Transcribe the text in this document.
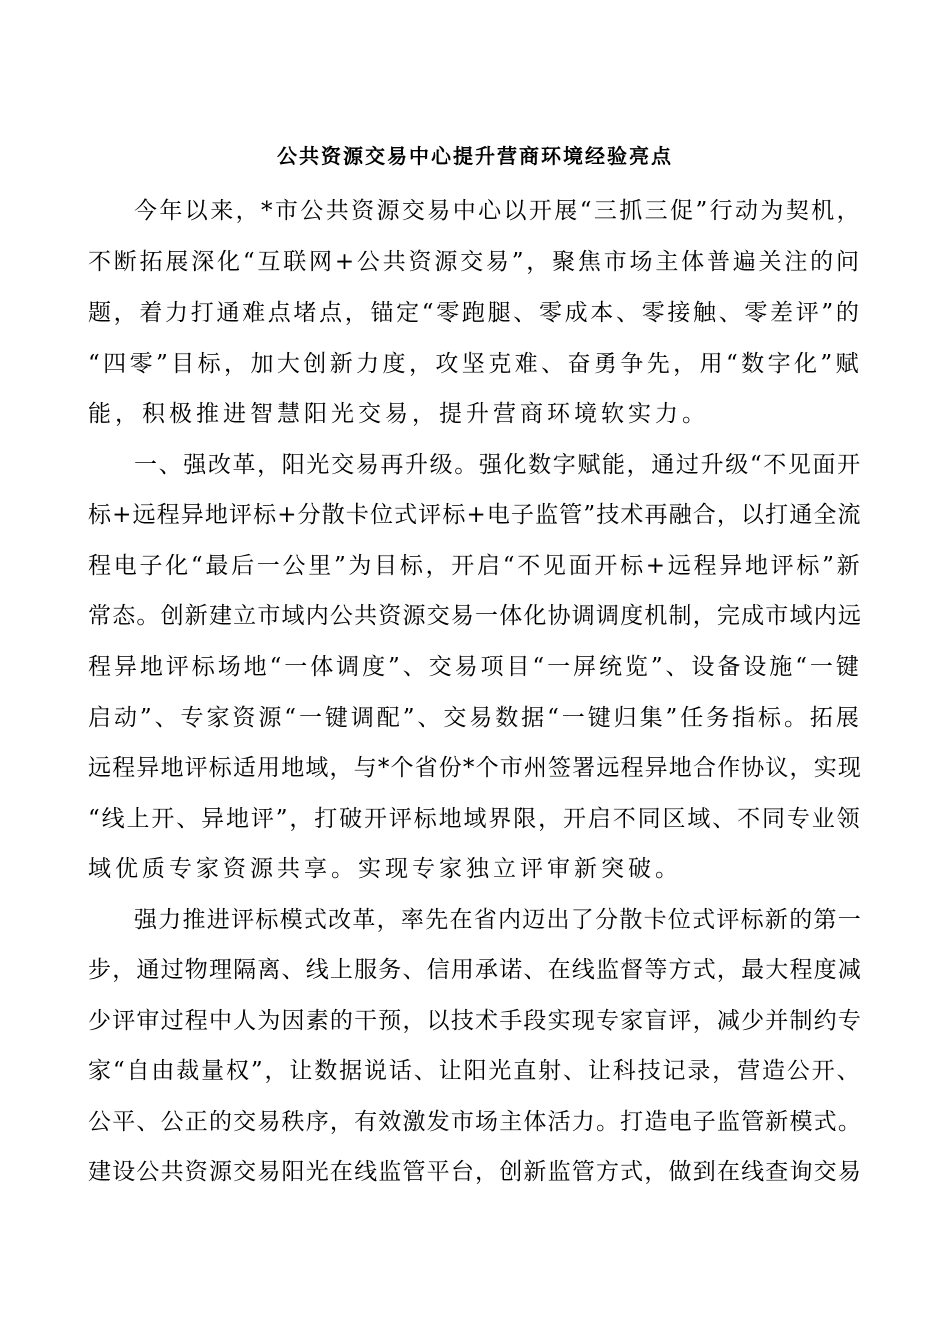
公共资源交易中心提升营商环境经验亮点
今年以来，*市公共资源交易中心以开展“三抓三促”行动为契机，
不断拓展深化“互联网+公共资源交易”，聚焦市场主体普遍关注的问
题，着力打通难点堵点，锚定“零跑腿、零成本、零接触、零差评”的
“四零”目标，加大创新力度，攻坚克难、奋勇争先，用“数字化”赋
能，积极推进智慧阳光交易，提升营商环境软实力。
一、强改革，阳光交易再升级。强化数字赋能，通过升级“不见面开
标+远程异地评标+分散卡位式评标+电子监管”技术再融合，以打通全流
程电子化“最后一公里”为目标，开启“不见面开标+远程异地评标”新
常态。创新建立市域内公共资源交易一体化协调调度机制，完成市域内远
程异地评标场地“一体调度”、交易项目“一屏统览”、设备设施“一键
启动”、专家资源“一键调配”、交易数据“一键归集”任务指标。拓展
远程异地评标适用地域，与*个省份*个市州签署远程异地合作协议，实现
“线上开、异地评”，打破开评标地域界限，开启不同区域、不同专业领
域优质专家资源共享。实现专家独立评审新突破。
强力推进评标模式改革，率先在省内迈出了分散卡位式评标新的第一
步，通过物理隔离、线上服务、信用承诺、在线监督等方式，最大程度减
少评审过程中人为因素的干预，以技术手段实现专家盲评，减少并制约专
家“自由裁量权”，让数据说话、让阳光直射、让科技记录，营造公开、
公平、公正的交易秩序，有效激发市场主体活力。打造电子监管新模式。
建设公共资源交易阳光在线监管平台，创新监管方式，做到在线查询交易
